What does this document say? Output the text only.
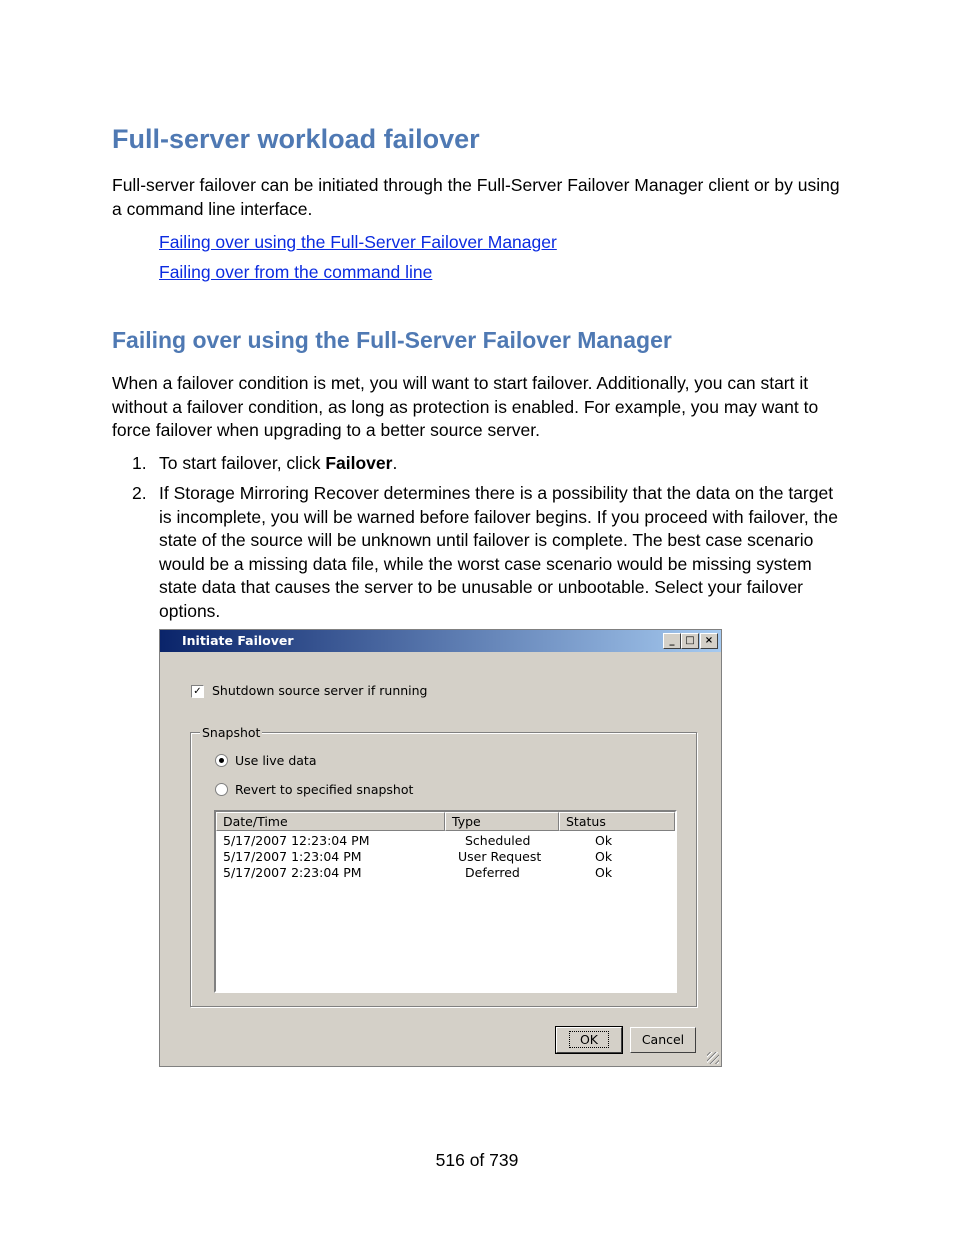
Full-server workload failover

Full-server failover can be initiated through the Full-Server Failover Manager client or by using a command line interface.

Failing over using the Full-Server Failover Manager
Failing over from the command line
Failing over using the Full-Server Failover Manager

When a failover condition is met, you will want to start failover. Additionally, you can start it without a failover condition, as long as protection is enabled. For example, you may want to force failover when upgrading to a better source server.

1. To start failover, click Failover.
2. If Storage Mirroring Recover determines there is a possibility that the data on the target is incomplete, you will be warned before failover begins. If you proceed with failover, the state of the source will be unknown until failover is complete. The best case scenario would be a missing data file, while the worst case scenario would be missing system state data that causes the server to be unusable or unbootable. Select your failover options.
Initiate Failover	_	□	×
✓ Shutdown source server if running
Snapshot
Use live data
Revert to specified snapshot
Date/Time	Type	Status
5/17/2007 12:23:04 PM	Scheduled	Ok
5/17/2007 1:23:04 PM	User Request	Ok
5/17/2007 2:23:04 PM	Deferred	Ok
OK	Cancel
516 of 739
